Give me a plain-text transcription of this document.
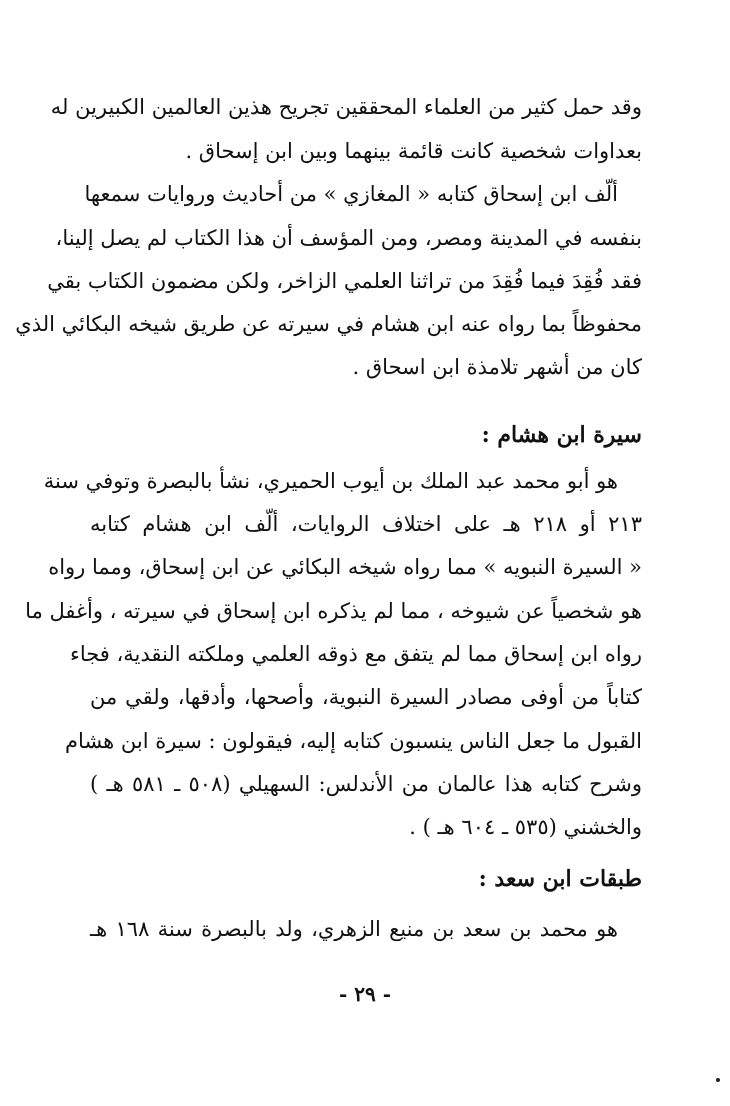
وقد حمل كثير من العلماء المحققين تجريح هذين العالمين الكبيرين له
بعداوات شخصية كانت قائمة بينهما وبين ابن إسحاق .
ألّف ابن إسحاق كتابه « المغازي » من أحاديث وروايات سمعها
بنفسه في المدينة ومصر، ومن المؤسف أن هذا الكتاب لم يصل إلينا،
فقد فُقِدَ فيما فُقِدَ من تراثنا العلمي الزاخر، ولكن مضمون الكتاب بقي
محفوظاً بما رواه عنه ابن هشام في سيرته عن طريق شيخه البكائي الذي
كان من أشهر تلامذة ابن اسحاق .
سيرة ابن هشام :
هو أبو محمد عبد الملك بن أيوب الحميري، نشأ بالبصرة وتوفي سنة
٢١٣ أو ٢١٨ هـ على اختلاف الروايات، ألّف ابن هشام كتابه
« السيرة النبويه » مما رواه شيخه البكائي عن ابن إسحاق، ومما رواه
هو شخصياً عن شيوخه ، مما لم يذكره ابن إسحاق في سيرته ، وأغفل ما
رواه ابن إسحاق مما لم يتفق مع ذوقه العلمي وملكته النقدية، فجاء
كتاباً من أوفى مصادر السيرة النبوية، وأصحها، وأدقها، ولقي من
القبول ما جعل الناس ينسبون كتابه إليه، فيقولون : سيرة ابن هشام
وشرح كتابه هذا عالمان من الأندلس: السهيلي (٥٠٨ ـ ٥٨١ هـ )
والخشني (٥٣٥ ـ ٦٠٤ هـ ) .
طبقات ابن سعد :
هو محمد بن سعد بن منيع الزهري، ولد بالبصرة سنة ١٦٨ هـ
- ٢٩ -
